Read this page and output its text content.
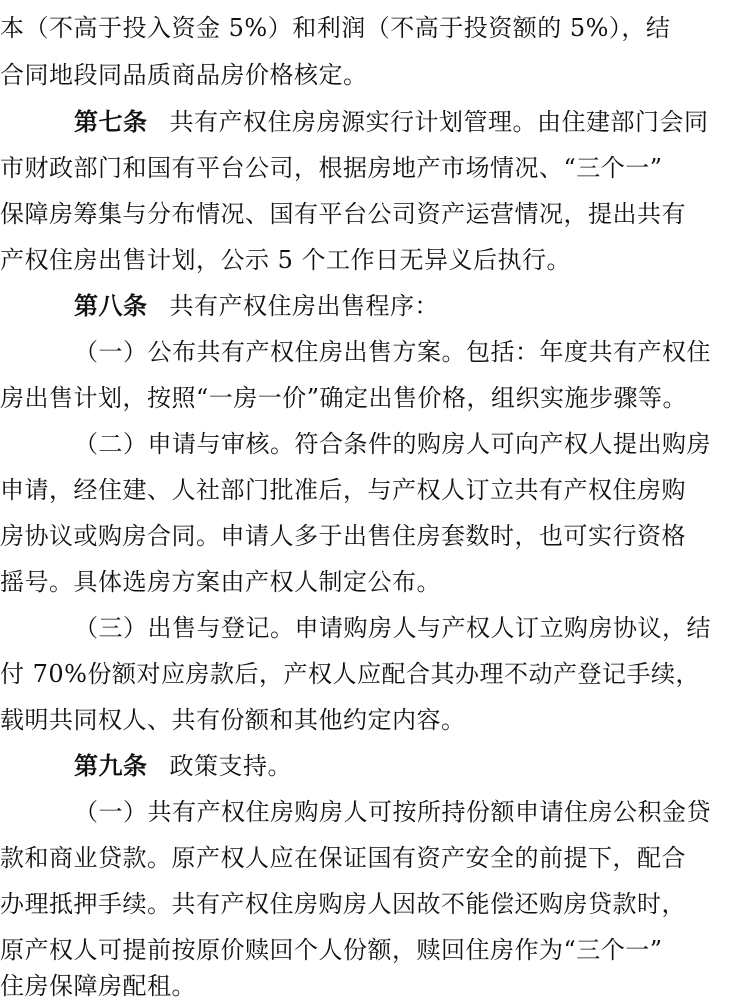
本（不高于投入资金 5%）和利润（不高于投资额的 5%），结
合同地段同品质商品房价格核定。
第七条 共有产权住房房源实行计划管理。由住建部门会同
市财政部门和国有平台公司，根据房地产市场情况、“三个一”
保障房筹集与分布情况、国有平台公司资产运营情况，提出共有
产权住房出售计划，公示 5 个工作日无异义后执行。
第八条 共有产权住房出售程序：
（一）公布共有产权住房出售方案。包括：年度共有产权住
房出售计划，按照“一房一价”确定出售价格，组织实施步骤等。
（二）申请与审核。符合条件的购房人可向产权人提出购房
申请，经住建、人社部门批准后，与产权人订立共有产权住房购
房协议或购房合同。申请人多于出售住房套数时，也可实行资格
摇号。具体选房方案由产权人制定公布。
（三）出售与登记。申请购房人与产权人订立购房协议，结
付 70%份额对应房款后，产权人应配合其办理不动产登记手续，
载明共同权人、共有份额和其他约定内容。
第九条 政策支持。
（一）共有产权住房购房人可按所持份额申请住房公积金贷
款和商业贷款。原产权人应在保证国有资产安全的前提下，配合
办理抵押手续。共有产权住房购房人因故不能偿还购房贷款时，
原产权人可提前按原价赎回个人份额，赎回住房作为“三个一”
住房保障房配租。
